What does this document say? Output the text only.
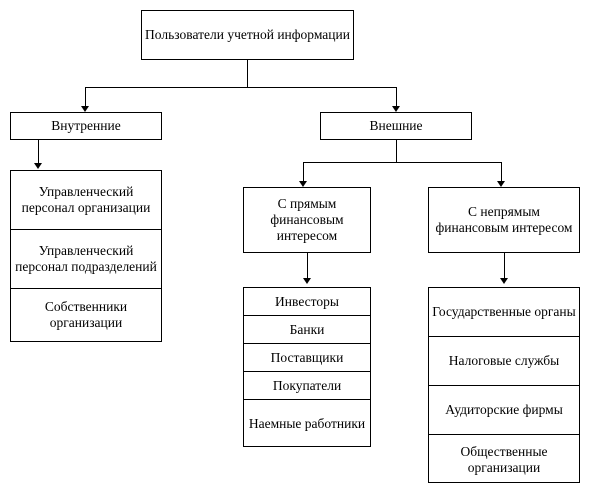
Пользователи учетной информации
Внутренние	Внешние
Управленческий персонал организации
Управленческий персонал подразделений
Собственники организации
С прямым финансовым интересом
С непрямым финансовым интересом
Инвесторы
Банки
Поставщики
Покупатели
Наемные работники
Государственные органы
Налоговые службы
Аудиторские фирмы
Общественные организации
